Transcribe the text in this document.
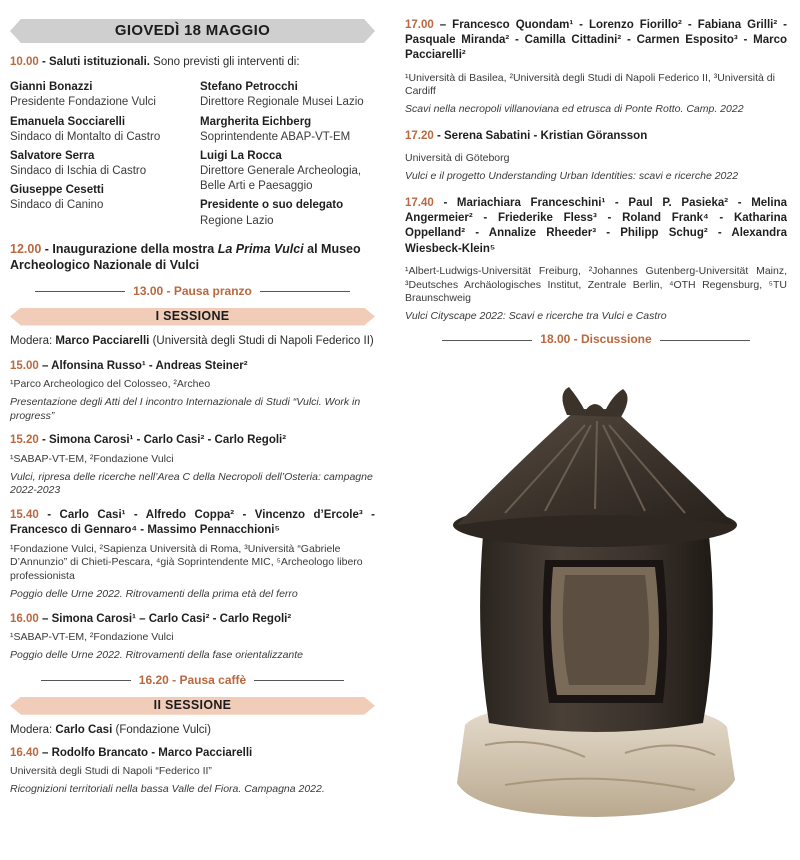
GIOVEDÌ 18 MAGGIO
10.00 - Saluti istituzionali. Sono previsti gli interventi di:
Gianni Bonazzi
Presidente Fondazione Vulci
Emanuela Socciarelli
Sindaco di Montalto di Castro
Salvatore Serra
Sindaco di Ischia di Castro
Giuseppe Cesetti
Sindaco di Canino
Stefano Petrocchi
Direttore Regionale Musei Lazio
Margherita Eichberg
Soprintendente ABAP-VT-EM
Luigi La Rocca
Direttore Generale Archeologia, Belle Arti e Paesaggio
Presidente o suo delegato
Regione Lazio
12.00 - Inaugurazione della mostra La Prima Vulci al Museo Archeologico Nazionale di Vulci
13.00 - Pausa pranzo
I SESSIONE
Modera: Marco Pacciarelli (Università degli Studi di Napoli Federico II)
15.00 – Alfonsina Russo¹ - Andreas Steiner²
¹Parco Archeologico del Colosseo, ²Archeo
Presentazione degli Atti del I incontro Internazionale di Studi “Vulci. Work in progress”
15.20 - Simona Carosi¹ - Carlo Casi² - Carlo Regoli²
¹SABAP-VT-EM, ²Fondazione Vulci
Vulci, ripresa delle ricerche nell’Area C della Necropoli dell’Osteria: campagne 2022-2023
15.40 - Carlo Casi¹ - Alfredo Coppa² - Vincenzo d’Ercole³ - Francesco di Gennaro⁴ - Massimo Pennacchioni⁵
¹Fondazione Vulci, ²Sapienza Università di Roma, ³Università “Gabriele D’Annunzio” di Chieti-Pescara, ⁴già Soprintendente MIC, ⁵Archeologo libero professionista
Poggio delle Urne 2022. Ritrovamenti della prima età del ferro
16.00 – Simona Carosi¹ – Carlo Casi² - Carlo Regoli²
¹SABAP-VT-EM, ²Fondazione Vulci
Poggio delle Urne 2022. Ritrovamenti della fase orientalizzante
16.20 - Pausa caffè
II SESSIONE
Modera: Carlo Casi (Fondazione Vulci)
16.40 – Rodolfo Brancato - Marco Pacciarelli
Università degli Studi di Napoli “Federico II”
Ricognizioni territoriali nella bassa Valle del Fiora. Campagna 2022.
17.00 – Francesco Quondam¹ - Lorenzo Fiorillo² - Fabiana Grilli² - Pasquale Miranda² - Camilla Cittadini² - Carmen Esposito³ - Marco Pacciarelli²
¹Università di Basilea, ²Università degli Studi di Napoli Federico II, ³Università di Cardiff
Scavi nella necropoli villanoviana ed etrusca di Ponte Rotto. Camp. 2022
17.20 - Serena Sabatini - Kristian Göransson
Università di Göteborg
Vulci e il progetto Understanding Urban Identities: scavi e ricerche 2022
17.40 - Mariachiara Franceschini¹ - Paul P. Pasieka² - Melina Angermeier² - Friederike Fless³ - Roland Frank⁴ - Katharina Oppelland² - Annalize Rheeder³ - Philipp Schug² - Alexandra Wiesbeck-Klein⁵
¹Albert-Ludwigs-Universität Freiburg, ²Johannes Gutenberg-Universität Mainz, ³Deutsches Archäologisches Institut, Zentrale Berlin, ⁴OTH Regensburg, ⁵TU Braunschweig
Vulci Cityscape 2022: Scavi e ricerche tra Vulci e Castro
18.00 - Discussione
